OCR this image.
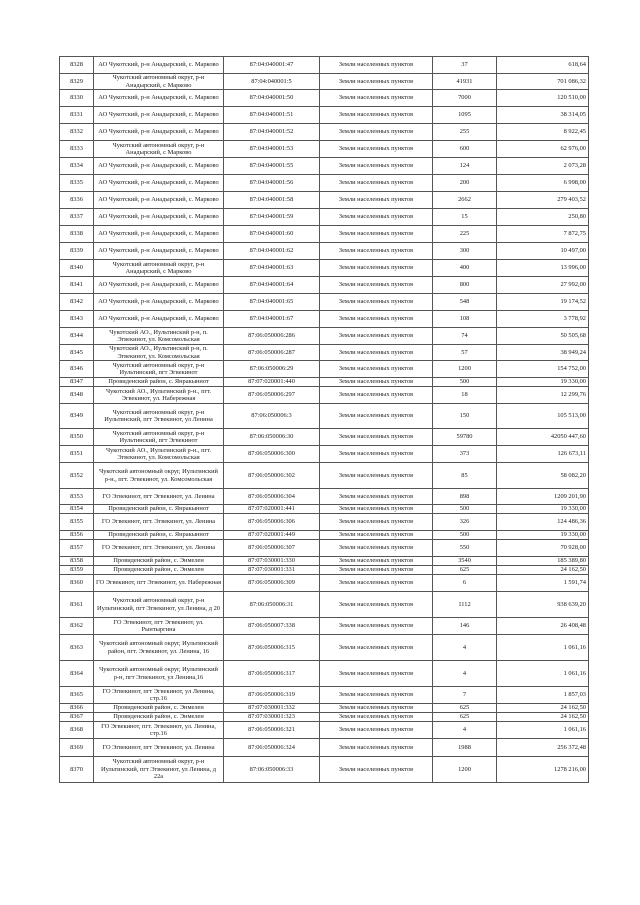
8328	АО Чукотский, р-н Анадырский, с. Марково	87:04:040001:47	Земли населенных пунктов	37	618,64
8329	Чукотский автономный округ, р-н Анадырский, с Марково	87:04:040001:5	Земли населенных пунктов	41931	701 086,32
8330	АО Чукотский, р-н Анадырский, с. Марково	87:04:040001:50	Земли населенных пунктов	7000	120 510,00
8331	АО Чукотский, р-н Анадырский, с. Марково	87:04:040001:51	Земли населенных пунктов	1095	38 314,05
8332	АО Чукотский, р-н Анадырский, с. Марково	87:04:040001:52	Земли населенных пунктов	255	8 922,45
8333	Чукотский автономный округ, р-н Анадырский, с Марково	87:04:040001:53	Земли населенных пунктов	600	62 976,00
8334	АО Чукотский, р-н Анадырский, с. Марково	87:04:040001:55	Земли населенных пунктов	124	2 073,28
8335	АО Чукотский, р-н Анадырский, с. Марково	87:04:040001:56	Земли населенных пунктов	200	6 998,00
8336	АО Чукотский, р-н Анадырский, с. Марково	87:04:040001:58	Земли населенных пунктов	2662	279 403,52
8337	АО Чукотский, р-н Анадырский, с. Марково	87:04:040001:59	Земли населенных пунктов	15	250,80
8338	АО Чукотский, р-н Анадырский, с. Марково	87:04:040001:60	Земли населенных пунктов	225	7 872,75
8339	АО Чукотский, р-н Анадырский, с. Марково	87:04:040001:62	Земли населенных пунктов	300	10 497,00
8340	Чукотский автономный округ, р-н Анадырский, с Марково	87:04:040001:63	Земли населенных пунктов	400	13 996,00
8341	АО Чукотский, р-н Анадырский, с. Марково	87:04:040001:64	Земли населенных пунктов	800	27 992,00
8342	АО Чукотский, р-н Анадырский, с. Марково	87:04:040001:65	Земли населенных пунктов	548	19 174,52
8343	АО Чукотский, р-н Анадырский, с. Марково	87:04:040001:67	Земли населенных пунктов	108	3 778,92
8344	Чукотский АО., Иультинский р-н, п. Эгвекинот, ул. Комсомольская	87:06:050006:286	Земли населенных пунктов	74	50 505,68
8345	Чукотский АО., Иультинский р-н, п. Эгвекинот, ул. Комсомольская	87:06:050006:287	Земли населенных пунктов	57	38 949,24
8346	Чукотский автономный округ, р-н Иультинский, пгт Эгвекинот	87:06:050006:29	Земли населенных пунктов	1200	154 752,00
8347	Провиденский район, с. Янракыннот	87:07:020001:440	Земли населенных пунктов	500	19 330,00
8348	Чукотский АО., Иультинский р-н., пгт. Эгвекинот, ул. Набережная	87:06:050006:297	Земли населенных пунктов	18	12 299,76
8349	Чукотский автономный округ, р-н Иультинский, пгт Эгвекинот, ул Ленина	87:06:050006:3	Земли населенных пунктов	150	105 513,00
8350	Чукотский автономный округ, р-н Иультинский, пгт Эгвекинот	87:06:050006:30	Земли населенных пунктов	59780	42050 447,60
8351	Чукотский АО., Иультинский р-н., пгт. Эгвекинот, ул. Комсомольская	87:06:050006:300	Земли населенных пунктов	373	126 673,11
8352	Чукотский автономный округ, Иультинский р-н., пгт. Эгвекинот, ул. Комсомольская	87:06:050006:302	Земли населенных пунктов	85	58 082,20
8353	ГО Эгвекинот, пгт Эгвекинот, ул. Ленина	87:06:050006:304	Земли населенных пунктов	898	1209 201,90
8354	Провиденский район, с. Янракыннот	87:07:020001:441	Земли населенных пунктов	500	19 330,00
8355	ГО Эгвекинот, пгт. Эгвекинот, ул. Ленина	87:06:050006:306	Земли населенных пунктов	326	124 486,36
8356	Провиденский район, с. Янракыннот	87:07:020001:449	Земли населенных пунктов	500	19 330,00
8357	ГО Эгвекинот, пгт. Эгвекинот, ул. Ленина	87:06:050006:307	Земли населенных пунктов	550	70 928,00
8358	Провиденский район, с. Энмелен	87:07:030001:330	Земли населенных пунктов	3540	185 389,80
8359	Провиденский район, с. Энмелен	87:07:030001:331	Земли населенных пунктов	625	24 162,50
8360	ГО Эгвекинот, пгт Эгвекинот, ул. Набережная	87:06:050006:309	Земли населенных пунктов	6	1 591,74
8361	Чукотский автономный округ, р-н Иультинский, пгт Эгвекинот, ул Ленина, д 20	87:06:050006:31	Земли населенных пунктов	1112	938 639,20
8362	ГО Эгвекинот, пгт Эгвекинот, ул. Рынтыргина	87:06:050007:338	Земли населенных пунктов	146	26 408,48
8363	Чукотский автономный округ, Иультинский район, пгт. Эгвекинот, ул. Ленина, 16	87:06:050006:315	Земли населенных пунктов	4	1 061,16
8364	Чукотский автономный округ, Иультинский р-н, пгт Эгвекинот, ул Ленина,16	87:06:050006:317	Земли населенных пунктов	4	1 061,16
8365	ГО Эгвекинот, пгт Эгвекинот, ул Ленина, стр.16	87:06:050006:319	Земли населенных пунктов	7	1 857,03
8366	Провиденский район, с. Энмелен	87:07:030001:332	Земли населенных пунктов	625	24 162,50
8367	Провиденский район, с. Энмелен	87:07:030001:323	Земли населенных пунктов	625	24 162,50
8368	ГО Эгвекинот, пгт. Эгвекинот, ул. Ленина, стр.16	87:06:050006:321	Земли населенных пунктов	4	1 061,16
8369	ГО Эгвекинот, пгт Эгвекинот, ул. Ленина	87:06:050006:324	Земли населенных пунктов	1988	256 372,48
8370	Чукотский автономный округ, р-н Иультинский, пгт Эгвекинот, ул Ленина, д 22а	87:06:050006:33	Земли населенных пунктов	1200	1278 216,00
